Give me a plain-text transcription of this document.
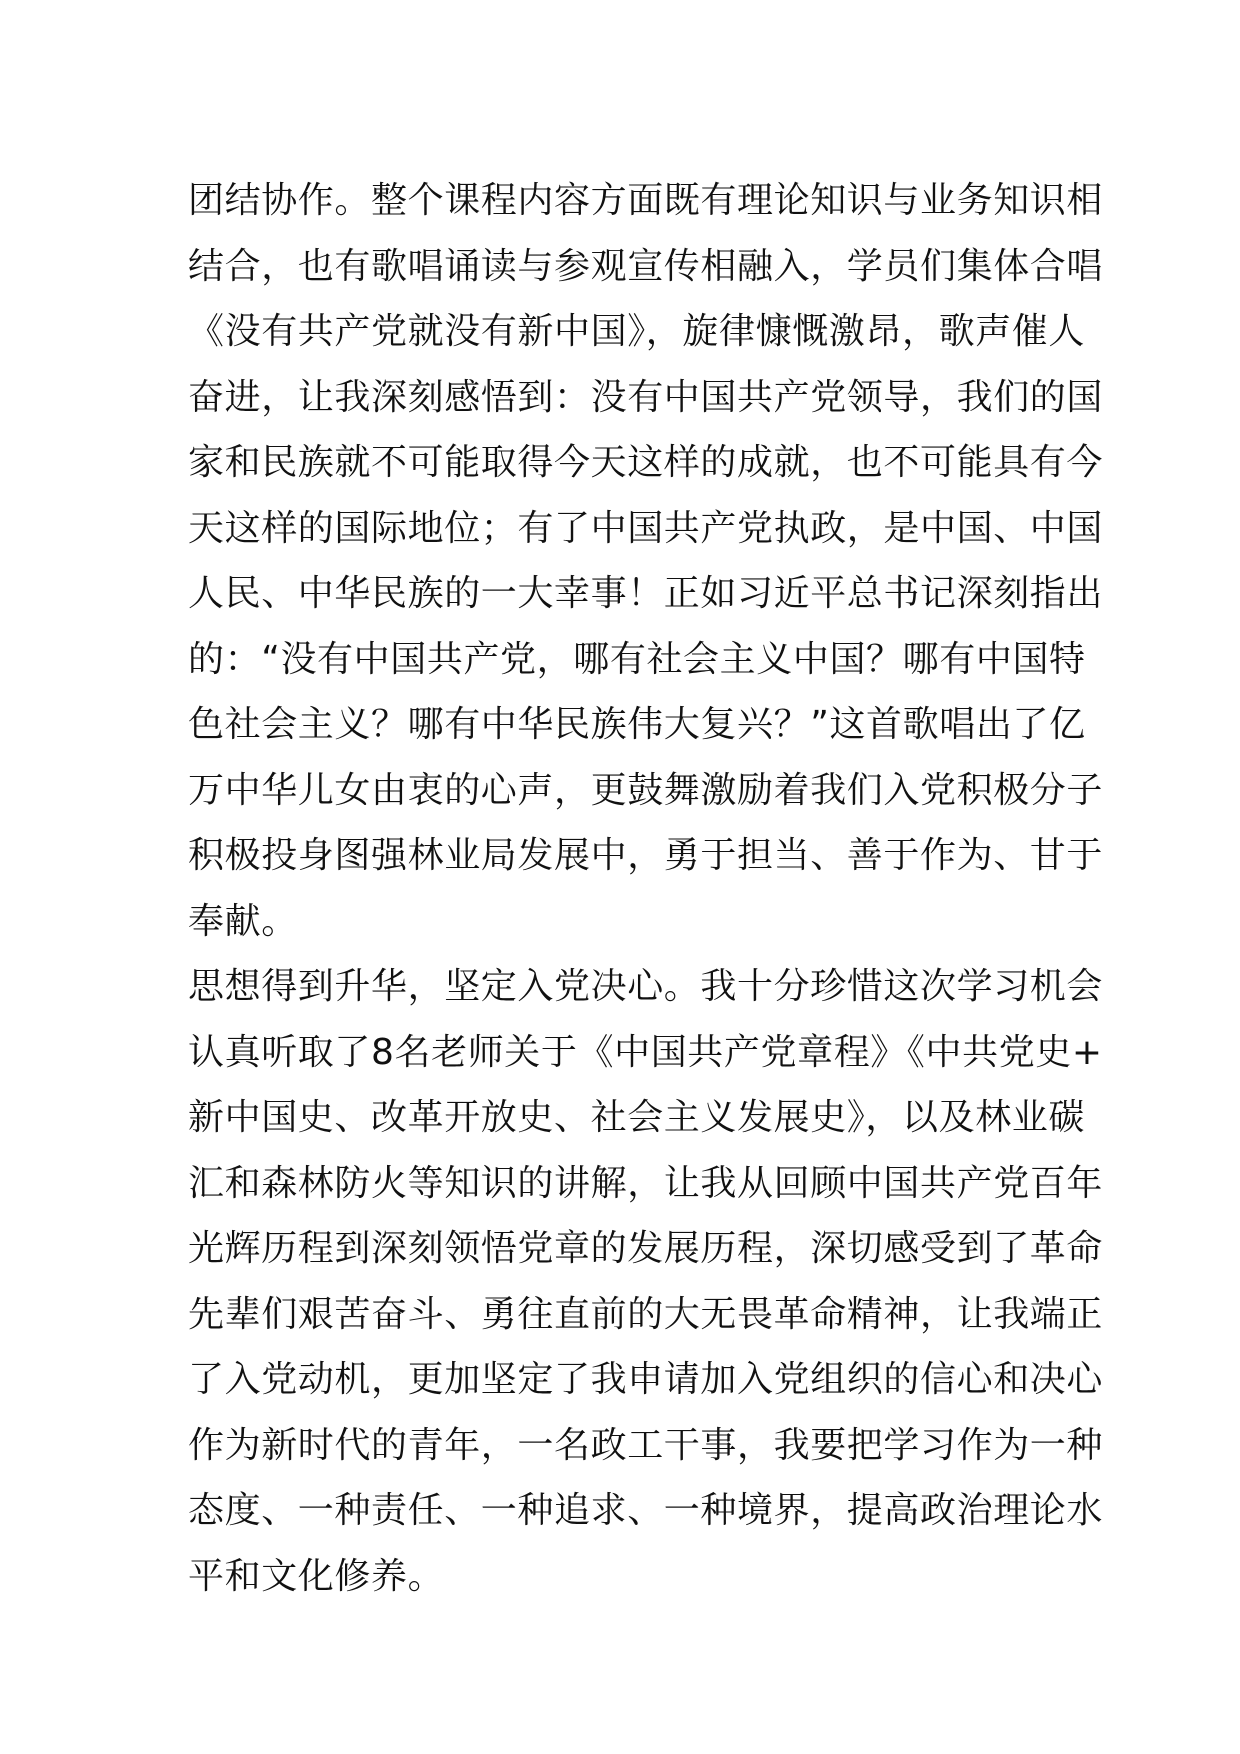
团结协作。整个课程内容方面既有理论知识与业务知识相
结合，也有歌唱诵读与参观宣传相融入，学员们集体合唱
《没有共产党就没有新中国》，旋律慷慨激昂，歌声催人
奋进，让我深刻感悟到：没有中国共产党领导，我们的国
家和民族就不可能取得今天这样的成就，也不可能具有今
天这样的国际地位；有了中国共产党执政，是中国、中国
人民、中华民族的一大幸事！正如习近平总书记深刻指出
的：“没有中国共产党，哪有社会主义中国？哪有中国特
色社会主义？哪有中华民族伟大复兴？”这首歌唱出了亿
万中华儿女由衷的心声，更鼓舞激励着我们入党积极分子
积极投身图强林业局发展中，勇于担当、善于作为、甘于
奉献。
思想得到升华，坚定入党决心。我十分珍惜这次学习机会
认真听取了8名老师关于《中国共产党章程》《中共党史+
新中国史、改革开放史、社会主义发展史》，以及林业碳
汇和森林防火等知识的讲解，让我从回顾中国共产党百年
光辉历程到深刻领悟党章的发展历程，深切感受到了革命
先辈们艰苦奋斗、勇往直前的大无畏革命精神，让我端正
了入党动机，更加坚定了我申请加入党组织的信心和决心
作为新时代的青年，一名政工干事，我要把学习作为一种
态度、一种责任、一种追求、一种境界，提高政治理论水
平和文化修养。
